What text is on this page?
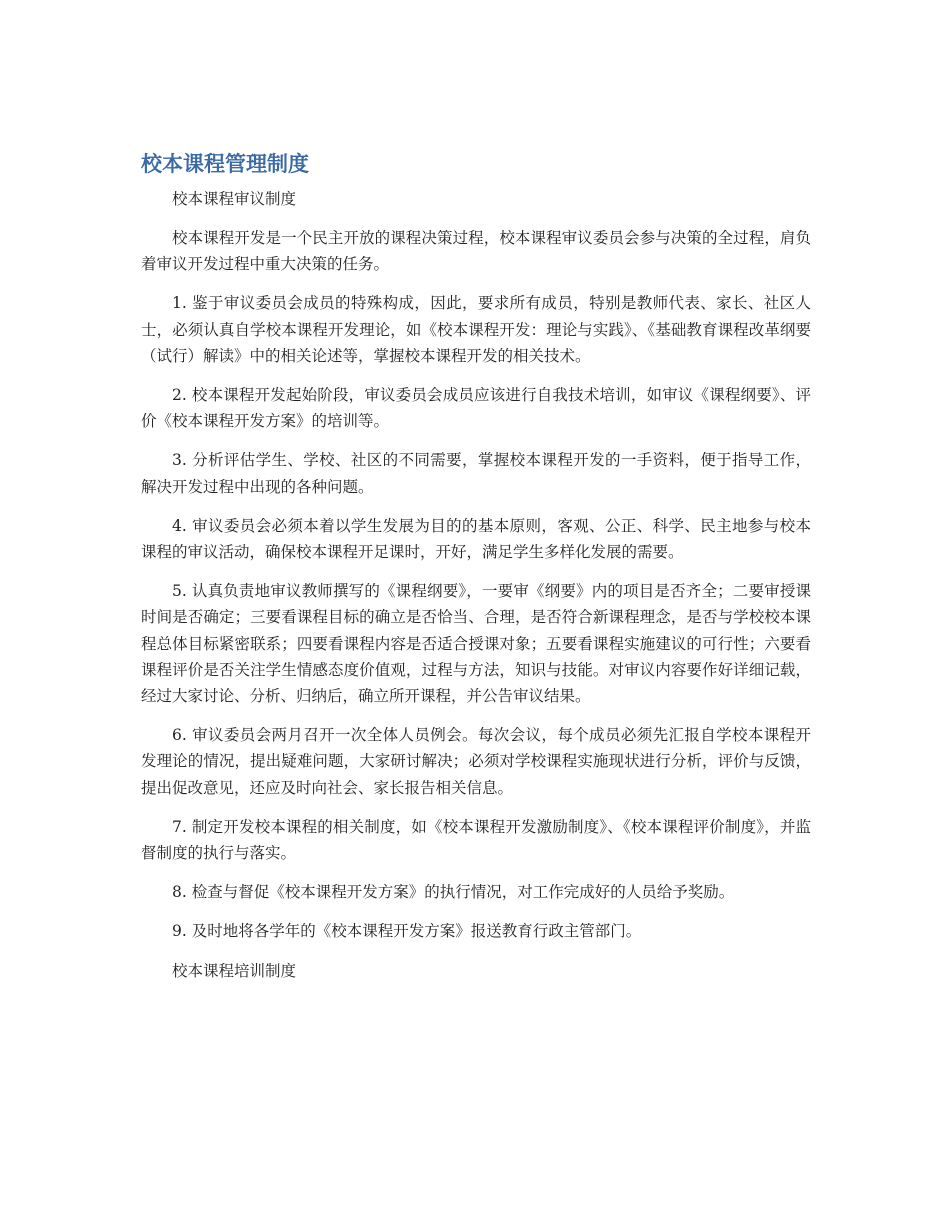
校本课程管理制度

校本课程审议制度

校本课程开发是一个民主开放的课程决策过程，校本课程审议委员会参与决策的全过程，肩负着审议开发过程中重大决策的任务。

1. 鉴于审议委员会成员的特殊构成，因此，要求所有成员，特别是教师代表、家长、社区人士，必须认真自学校本课程开发理论，如《校本课程开发：理论与实践》、《基础教育课程改革纲要（试行）解读》中的相关论述等，掌握校本课程开发的相关技术。

2. 校本课程开发起始阶段，审议委员会成员应该进行自我技术培训，如审议《课程纲要》、评价《校本课程开发方案》的培训等。

3. 分析评估学生、学校、社区的不同需要，掌握校本课程开发的一手资料，便于指导工作，解决开发过程中出现的各种问题。

4. 审议委员会必须本着以学生发展为目的的基本原则，客观、公正、科学、民主地参与校本课程的审议活动，确保校本课程开足课时，开好，满足学生多样化发展的需要。

5. 认真负责地审议教师撰写的《课程纲要》，一要审《纲要》内的项目是否齐全；二要审授课时间是否确定；三要看课程目标的确立是否恰当、合理，是否符合新课程理念，是否与学校校本课程总体目标紧密联系；四要看课程内容是否适合授课对象；五要看课程实施建议的可行性；六要看课程评价是否关注学生情感态度价值观，过程与方法，知识与技能。对审议内容要作好详细记载，经过大家讨论、分析、归纳后，确立所开课程，并公告审议结果。

6. 审议委员会两月召开一次全体人员例会。每次会议，每个成员必须先汇报自学校本课程开发理论的情况，提出疑难问题，大家研讨解决；必须对学校课程实施现状进行分析，评价与反馈，提出促改意见，还应及时向社会、家长报告相关信息。

7. 制定开发校本课程的相关制度，如《校本课程开发激励制度》、《校本课程评价制度》，并监督制度的执行与落实。

8. 检查与督促《校本课程开发方案》的执行情况，对工作完成好的人员给予奖励。

9. 及时地将各学年的《校本课程开发方案》报送教育行政主管部门。

校本课程培训制度
